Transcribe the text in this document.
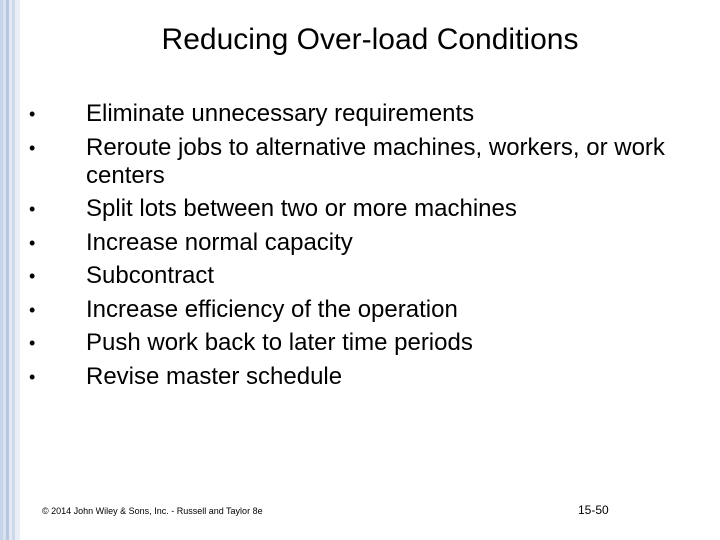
Reducing Over-load Conditions
•	Eliminate unnecessary requirements
•	Reroute jobs to alternative machines, workers, or work centers
•	Split lots between two or more machines
•	Increase normal capacity
•	Subcontract
•	Increase efficiency of the operation
•	Push work back to later time periods
•	Revise master schedule
© 2014 John Wiley & Sons, Inc. - Russell and Taylor 8e	15-50
